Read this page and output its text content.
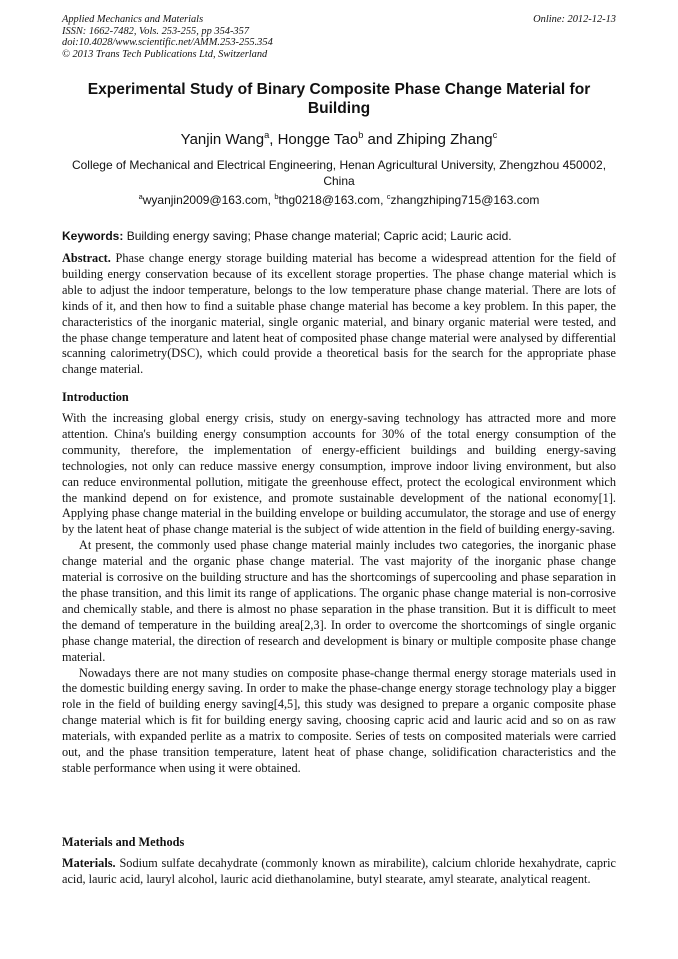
Applied Mechanics and Materials
ISSN: 1662-7482, Vols. 253-255, pp 354-357
doi:10.4028/www.scientific.net/AMM.253-255.354
© 2013 Trans Tech Publications Ltd, Switzerland
Online: 2012-12-13
Experimental Study of Binary Composite Phase Change Material for Building
Yanjin Wang$^a$, Hongge Tao$^b$ and Zhiping Zhang$^c$
College of Mechanical and Electrical Engineering, Henan Agricultural University, Zhengzhou 450002, China
$^a$wyanjin2009@163.com, $^b$thg0218@163.com, $^c$zhangzhiping715@163.com
Keywords: Building energy saving; Phase change material; Capric acid; Lauric acid.

Abstract. Phase change energy storage building material has become a widespread attention for the field of building energy conservation because of its excellent storage properties. The phase change material which is able to adjust the indoor temperature, belongs to the low temperature phase change material. There are lots of kinds of it, and then how to find a suitable phase change material has become a key problem. In this paper, the characteristics of the inorganic material, single organic material, and binary organic material were tested, and the phase change temperature and latent heat of composited phase change material were analysed by differential scanning calorimetry(DSC), which could provide a theoretical basis for the search for the appropriate phase change material.

Introduction

With the increasing global energy crisis, study on energy-saving technology has attracted more and more attention. China's building energy consumption accounts for 30% of the total energy consumption of the community, therefore, the implementation of energy-efficient buildings and building energy-saving technologies, not only can reduce massive energy consumption, improve indoor living environment, but also can reduce environmental pollution, mitigate the greenhouse effect, protect the ecological environment which the mankind depend on for existence, and promote sustainable development of the national economy[1]. Applying phase change material in the building envelope or building accumulator, the storage and use of energy by the latent heat of phase change material is the subject of wide attention in the field of building energy-saving.

At present, the commonly used phase change material mainly includes two categories, the inorganic phase change material and the organic phase change material. The vast majority of the inorganic phase change material is corrosive on the building structure and has the shortcomings of supercooling and phase separation in the phase transition, and this limit its range of applications. The organic phase change material is non-corrosive and chemically stable, and there is almost no phase separation in the phase transition. But it is difficult to meet the demand of temperature in the building area[2,3]. In order to overcome the shortcomings of single organic phase change material, the direction of research and development is binary or multiple composite phase change material.

Nowadays there are not many studies on composite phase-change thermal energy storage materials used in the domestic building energy saving. In order to make the phase-change energy storage technology play a bigger role in the field of building energy saving[4,5], this study was designed to prepare a organic composite phase change material which is fit for building energy saving, choosing capric acid and lauric acid and so on as raw materials, with expanded perlite as a matrix to composite. Series of tests on composited materials were carried out, and the phase transition temperature, latent heat of phase change, solidification characteristics and the stable performance when using it were obtained.

Materials and Methods

Materials. Sodium sulfate decahydrate (commonly known as mirabilite), calcium chloride hexahydrate, capric acid, lauric acid, lauryl alcohol, lauric acid diethanolamine, butyl stearate, amyl stearate, analytical reagent.
